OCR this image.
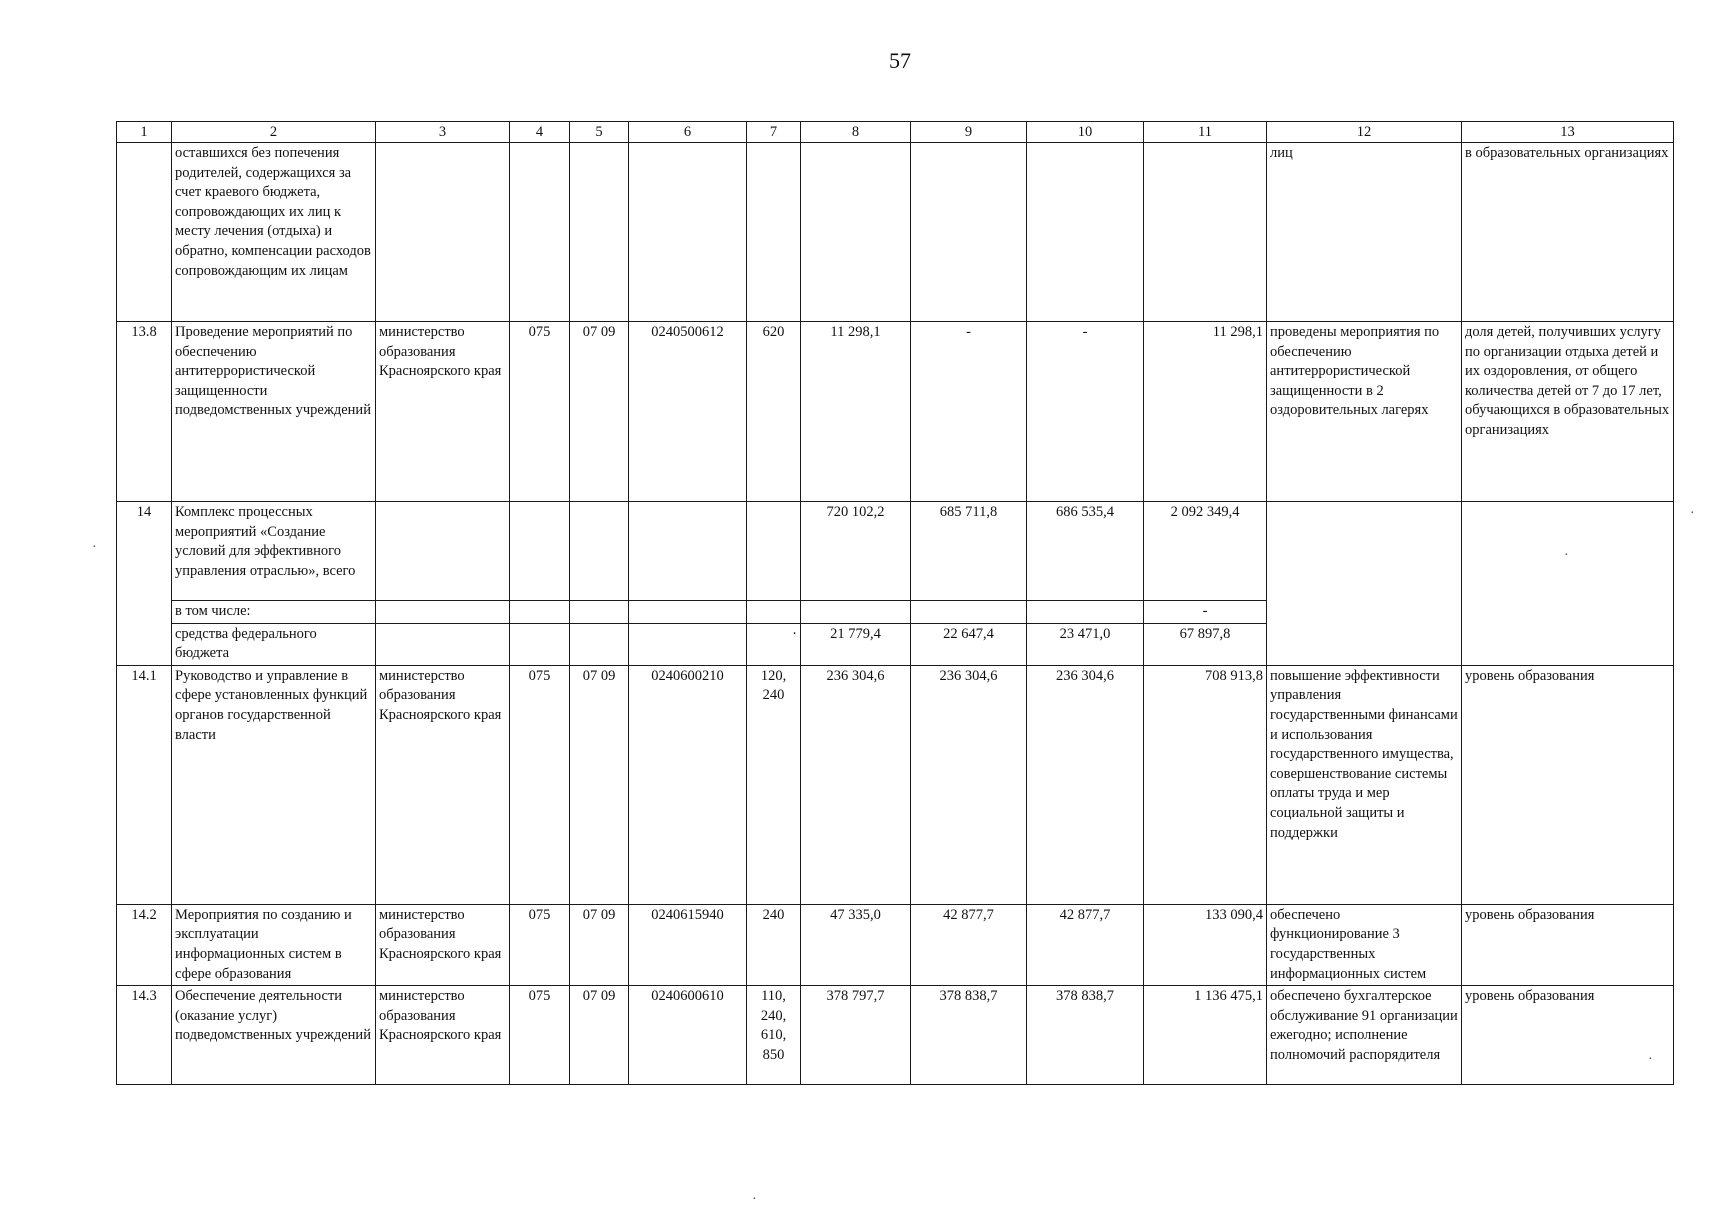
57
1	2	3	4	5	6	7	8	9	10	11	12	13
	оставшихся без попечения родителей, содержащихся за счет краевого бюджета, сопровождающих их лиц к месту лечения (отдыха) и обратно, компенсации расходов сопровождающим их лицам										лиц	в образовательных организациях
13.8	Проведение мероприятий по обеспечению антитеррористической защищенности подведомственных учреждений	министерство образования Красноярского края	075	07 09	0240500612	620	11 298,1	-	-	11 298,1	проведены мероприятия по обеспечению антитеррористической защищенности в 2 оздоровительных лагерях	доля детей, получивших услугу по организации отдыха детей и их оздоровления, от общего количества детей от 7 до 17 лет, обучающихся в образовательных организациях
14	Комплекс процессных мероприятий «Создание условий для эффективного управления отраслью», всего						720 102,2	685 711,8	686 535,4	2 092 349,4		
	в том числе:									-		
	средства федерального бюджета					·	21 779,4	22 647,4	23 471,0	67 897,8		
14.1	Руководство и управление в сфере установленных функций органов государственной власти	министерство образования Красноярского края	075	07 09	0240600210	120, 240	236 304,6	236 304,6	236 304,6	708 913,8	повышение эффективности управления государственными финансами и использования государственного имущества, совершенствование системы оплаты труда и мер социальной защиты и поддержки	уровень образования
14.2	Мероприятия по созданию и эксплуатации информационных систем в сфере образования	министерство образования Красноярского края	075	07 09	0240615940	240	47 335,0	42 877,7	42 877,7	133 090,4	обеспечено функционирование 3 государственных информационных систем	уровень образования
14.3	Обеспечение деятельности (оказание услуг) подведомственных учреждений	министерство образования Красноярского края	075	07 09	0240600610	110, 240, 610, 850	378 797,7	378 838,7	378 838,7	1 136 475,1	обеспечено бухгалтерское обслуживание 91 организации ежегодно; исполнение полномочий распорядителя	уровень образования
·
·
·
·
·
